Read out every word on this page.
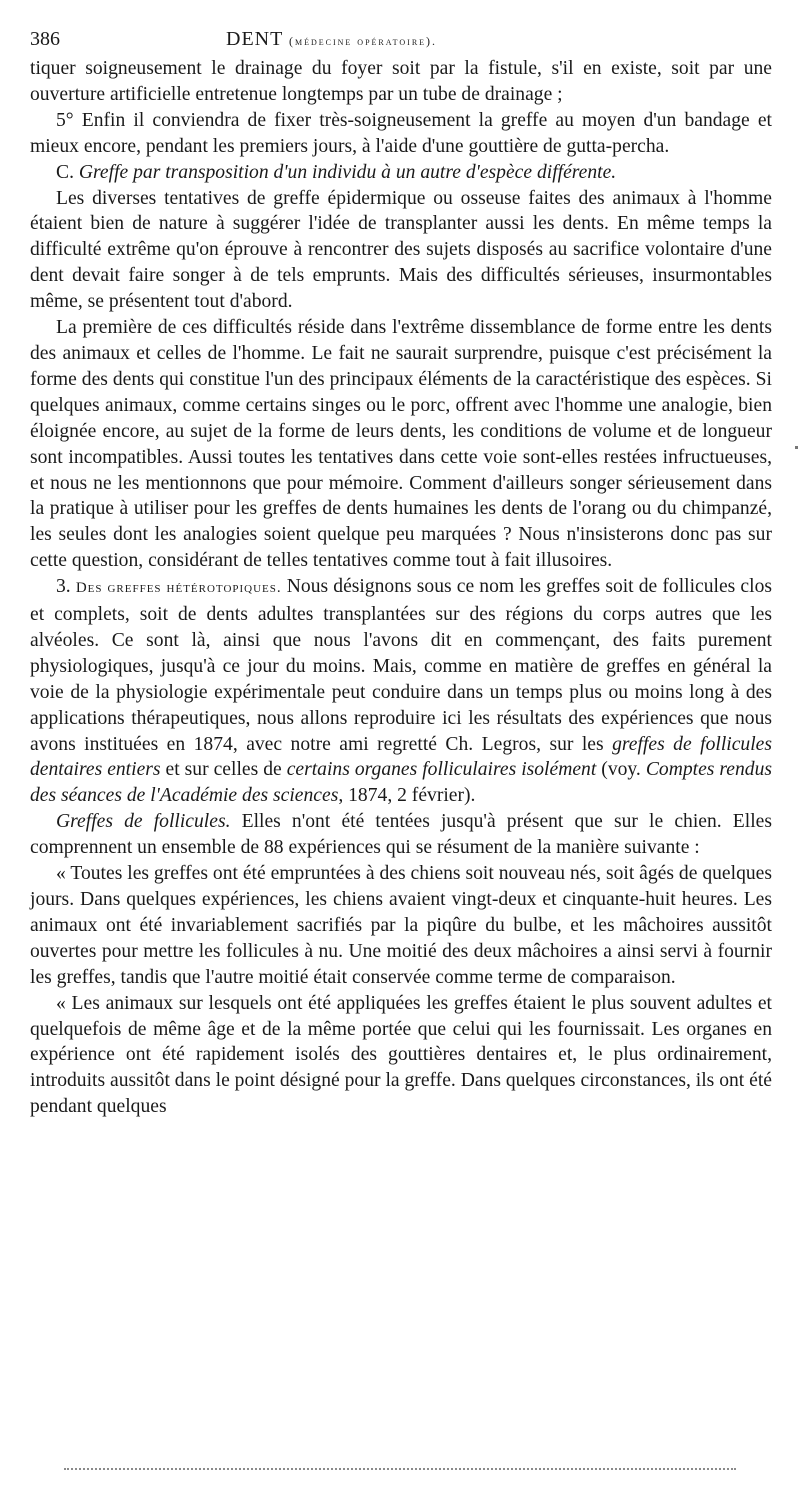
386	DENT (médecine opératoire).

tiquer soigneusement le drainage du foyer soit par la fistule, s'il en existe, soit par une ouverture artificielle entretenue longtemps par un tube de drainage ;

5° Enfin il conviendra de fixer très-soigneusement la greffe au moyen d'un bandage et mieux encore, pendant les premiers jours, à l'aide d'une gouttière de gutta-percha.

C. Greffe par transposition d'un individu à un autre d'espèce différente.

Les diverses tentatives de greffe épidermique ou osseuse faites des animaux à l'homme étaient bien de nature à suggérer l'idée de transplanter aussi les dents. En même temps la difficulté extrême qu'on éprouve à rencontrer des sujets disposés au sacrifice volontaire d'une dent devait faire songer à de tels emprunts. Mais des difficultés sérieuses, insurmontables même, se présentent tout d'abord.

La première de ces difficultés réside dans l'extrême dissemblance de forme entre les dents des animaux et celles de l'homme. Le fait ne saurait surprendre, puisque c'est précisément la forme des dents qui constitue l'un des principaux éléments de la caractéristique des espèces. Si quelques animaux, comme certains singes ou le porc, offrent avec l'homme une analogie, bien éloignée encore, au sujet de la forme de leurs dents, les conditions de volume et de longueur sont incompatibles. Aussi toutes les tentatives dans cette voie sont-elles restées infructueuses, et nous ne les mentionnons que pour mémoire. Comment d'ailleurs songer sérieusement dans la pratique à utiliser pour les greffes de dents humaines les dents de l'orang ou du chimpanzé, les seules dont les analogies soient quelque peu marquées ? Nous n'insisterons donc pas sur cette question, considérant de telles tentatives comme tout à fait illusoires.

3. Des greffes hétérotopiques. Nous désignons sous ce nom les greffes soit de follicules clos et complets, soit de dents adultes transplantées sur des régions du corps autres que les alvéoles. Ce sont là, ainsi que nous l'avons dit en commençant, des faits purement physiologiques, jusqu'à ce jour du moins. Mais, comme en matière de greffes en général la voie de la physiologie expérimentale peut conduire dans un temps plus ou moins long à des applications thérapeutiques, nous allons reproduire ici les résultats des expériences que nous avons instituées en 1874, avec notre ami regretté Ch. Legros, sur les greffes de follicules dentaires entiers et sur celles de certains organes folliculaires isolément (voy. Comptes rendus des séances de l'Académie des sciences, 1874, 2 février).

Greffes de follicules. Elles n'ont été tentées jusqu'à présent que sur le chien. Elles comprennent un ensemble de 88 expériences qui se résument de la manière suivante :

« Toutes les greffes ont été empruntées à des chiens soit nouveau nés, soit âgés de quelques jours. Dans quelques expériences, les chiens avaient vingt-deux et cinquante-huit heures. Les animaux ont été invariablement sacrifiés par la piqûre du bulbe, et les mâchoires aussitôt ouvertes pour mettre les follicules à nu. Une moitié des deux mâchoires a ainsi servi à fournir les greffes, tandis que l'autre moitié était conservée comme terme de comparaison.

« Les animaux sur lesquels ont été appliquées les greffes étaient le plus souvent adultes et quelquefois de même âge et de la même portée que celui qui les fournissait. Les organes en expérience ont été rapidement isolés des gouttières dentaires et, le plus ordinairement, introduits aussitôt dans le point désigné pour la greffe. Dans quelques circonstances, ils ont été pendant quelques
